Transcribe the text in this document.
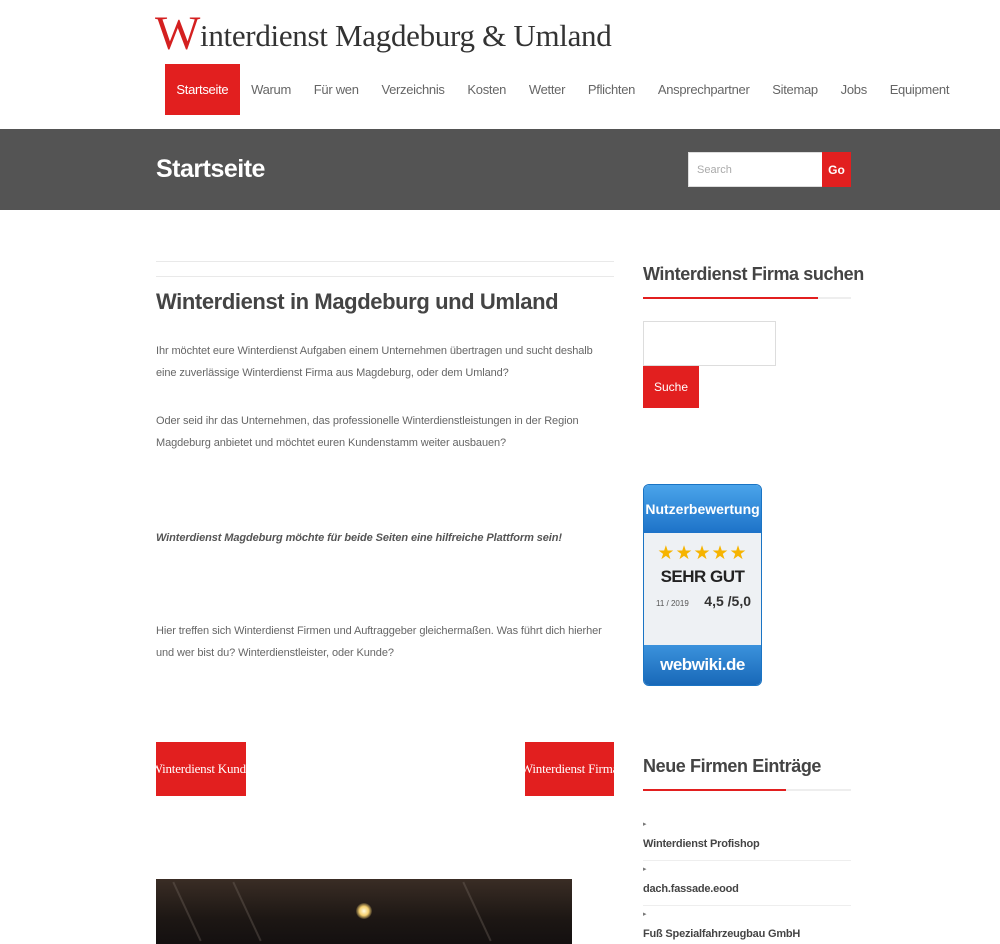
Winterdienst Magdeburg & Umland
Startseite	Warum	Für wen	Verzeichnis	Kosten	Wetter	Pflichten	Ansprechpartner	Sitemap	Jobs	Equipment
Startseite
Search	Go
Winterdienst in Magdeburg und Umland

Ihr möchtet eure Winterdienst Aufgaben einem Unternehmen übertragen und sucht deshalb eine zuverlässige Winterdienst Firma aus Magdeburg, oder dem Umland?

Oder seid ihr das Unternehmen, das professionelle Winterdienstleistungen in der Region Magdeburg anbietet und möchtet euren Kundenstamm weiter ausbauen?

Winterdienst Magdeburg möchte für beide Seiten eine hilfreiche Plattform sein!

Hier treffen sich Winterdienst Firmen und Auftraggeber gleichermaßen. Was führt dich hierher und wer bist du? Winterdienstleister, oder Kunde?

Winterdienst Kunde	Winterdienst Firma
Winterdienst Firma suchen
Suche
Nutzerbewertung
★★★★★
SEHR GUT
11 / 2019 4,5 /5,0
webwiki.de
Neue Firmen Einträge
▸
Winterdienst Profishop
▸
dach.fassade.eood
▸
Fuß Spezialfahrzeugbau GmbH
